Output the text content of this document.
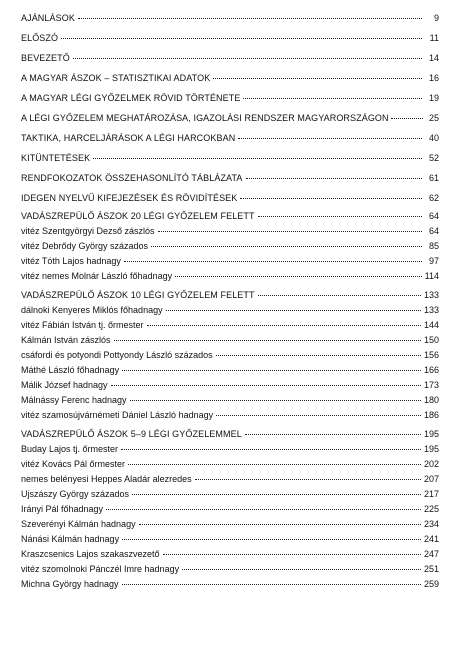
AJÁNLÁSOK	9
ELŐSZÓ	11
BEVEZETŐ	14
A MAGYAR ÁSZOK – STATISZTIKAI ADATOK	16
A MAGYAR LÉGI GYŐZELMEK RÖVID TÖRTÉNETE	19
A LÉGI GYŐZELEM MEGHATÁROZÁSA, IGAZOLÁSI RENDSZER MAGYARORSZÁGON	25
TAKTIKA, HARCELJÁRÁSOK A LÉGI HARCOKBAN	40
KITÜNTETÉSEK	52
RENDFOKOZATOK ÖSSZEHASONLÍTÓ TÁBLÁZATA	61
IDEGEN NYELVŰ KIFEJEZÉSEK ÉS RÖVIDÍTÉSEK	62
VADÁSZREPÜLŐ ÁSZOK 20 LÉGI GYŐZELEM FELETT	64
vitéz Szentgyörgyi Dezső zászlós	64
vitéz Debrődy György százados	85
vitéz Tóth Lajos hadnagy	97
vitéz nemes Molnár László főhadnagy	114
VADÁSZREPÜLŐ ÁSZOK 10 LÉGI GYŐZELEM FELETT	133
dálnoki Kenyeres Miklós főhadnagy	133
vitéz Fábián István tj. őrmester	144
Kálmán István zászlós	150
csáfordi és potyondi Pottyondy László százados	156
Máthé László főhadnagy	166
Málik József hadnagy	173
Málnássy Ferenc hadnagy	180
vitéz szamosújvárnémeti Dániel László hadnagy	186
VADÁSZREPÜLŐ ÁSZOK 5–9 LÉGI GYŐZELEMMEL	195
Buday Lajos tj. őrmester	195
vitéz Kovács Pál őrmester	202
nemes belényesi Heppes Aladár alezredes	207
Ujszászy György százados	217
Irányi Pál főhadnagy	225
Szeverényi Kálmán hadnagy	234
Nánási Kálmán hadnagy	241
Kraszcsenics Lajos szakaszvezető	247
vitéz szomolnoki Pánczél Imre hadnagy	251
Michna György hadnagy	259
